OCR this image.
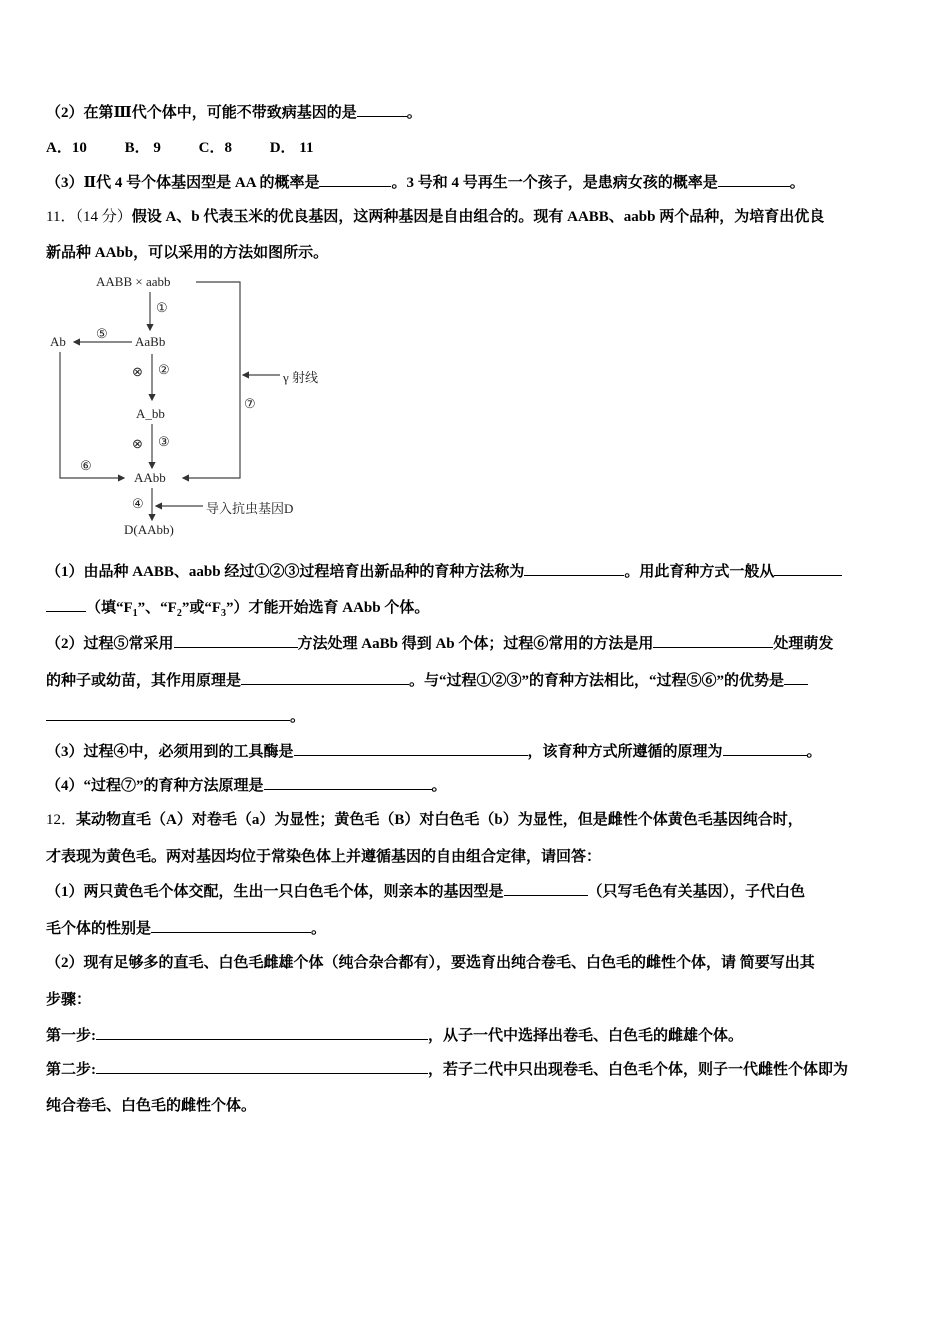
（2）在第Ⅲ代个体中，可能不带致病基因的是	。
A．10	B． 9	C．8	D． 11
（3）Ⅱ代 4 号个体基因型是 AA 的概率是	。3 号和 4 号再生一个孩子，是患病女孩的概率是	。
11．（14 分）假设 A、b 代表玉米的优良基因，这两种基因是自由组合的。现有 AABB、aabb 两个品种，为培育出优良
新品种 AAbb，可以采用的方法如图所示。
AABB × aabb
①
Ab
⑤
AaBb
⊗ ②
A_bb
⊗ ③
⑥
AAbb
④	导入抗虫基因D
D(AAbb)
γ 射线
⑦
（1）由品种 AABB、aabb 经过①②③过程培育出新品种的育种方法称为	。用此育种方式一般从
（填“$F_1$”、“$F_2$”或“$F_3$”）才能开始选育 AAbb 个体。
（2）过程⑤常采用	方法处理 AaBb 得到 Ab 个体；过程⑥常用的方法是用	处理萌发
的种子或幼苗，其作用原理是	。与“过程①②③”的育种方法相比，“过程⑤⑥”的优势是
。
（3）过程④中，必须用到的工具酶是	，该育种方式所遵循的原理为	。
（4）“过程⑦”的育种方法原理是	。
12．某动物直毛（A）对卷毛（a）为显性；黄色毛（B）对白色毛（b）为显性，但是雌性个体黄色毛基因纯合时，
才表现为黄色毛。两对基因均位于常染色体上并遵循基因的自由组合定律，请回答：
（1）两只黄色毛个体交配，生出一只白色毛个体，则亲本的基因型是	（只写毛色有关基因），子代白色
毛个体的性别是	。
（2）现有足够多的直毛、白色毛雌雄个体（纯合杂合都有），要选育出纯合卷毛、白色毛的雌性个体，请 简要写出其
步骤：
第一步:	，从子一代中选择出卷毛、白色毛的雌雄个体。
第二步:	，若子二代中只出现卷毛、白色毛个体，则子一代雌性个体即为
纯合卷毛、白色毛的雌性个体。
